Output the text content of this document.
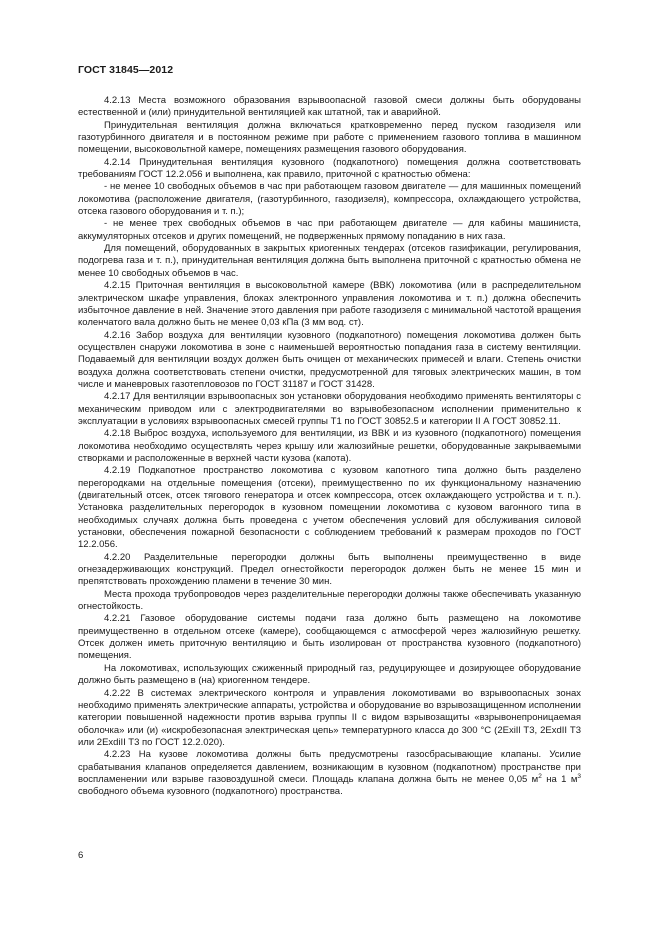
ГОСТ 31845—2012

4.2.13 Места возможного образования взрывоопасной газовой смеси должны быть оборудованы естественной и (или) принудительной вентиляцией как штатной, так и аварийной.

Принудительная вентиляция должна включаться кратковременно перед пуском газодизеля или газотурбинного двигателя и в постоянном режиме при работе с применением газового топлива в машинном помещении, высоковольтной камере, помещениях размещения газового оборудования.

4.2.14 Принудительная вентиляция кузовного (подкапотного) помещения должна соответствовать требованиям ГОСТ 12.2.056 и выполнена, как правило, приточной с кратностью обмена:

- не менее 10 свободных объемов в час при работающем газовом двигателе — для машинных помещений локомотива (расположение двигателя, (газотурбинного, газодизеля), компрессора, охлаждающего устройства, отсека газового оборудования и т. п.);

- не менее трех свободных объемов в час при работающем двигателе — для кабины машиниста, аккумуляторных отсеков и других помещений, не подверженных прямому попаданию в них газа.

Для помещений, оборудованных в закрытых криогенных тендерах (отсеков газификации, регулирования, подогрева газа и т. п.), принудительная вентиляция должна быть выполнена приточной с кратностью обмена не менее 10 свободных объемов в час.

4.2.15 Приточная вентиляция в высоковольтной камере (ВВК) локомотива (или в распределительном электрическом шкафе управления, блоках электронного управления локомотива и т. п.) должна обеспечить избыточное давление в ней. Значение этого давления при работе газодизеля с минимальной частотой вращения коленчатого вала должно быть не менее 0,03 кПа (3 мм вод. ст).

4.2.16 Забор воздуха для вентиляции кузовного (подкапотного) помещения локомотива должен быть осуществлен снаружи локомотива в зоне с наименьшей вероятностью попадания газа в систему вентиляции. Подаваемый для вентиляции воздух должен быть очищен от механических примесей и влаги. Степень очистки воздуха должна соответствовать степени очистки, предусмотренной для тяговых электрических машин, в том числе и маневровых газотепловозов по ГОСТ 31187 и ГОСТ 31428.

4.2.17 Для вентиляции взрывоопасных зон установки оборудования необходимо применять вентиляторы с механическим приводом или с электродвигателями во взрывобезопасном исполнении применительно к эксплуатации в условиях взрывоопасных смесей группы Т1 по ГОСТ 30852.5 и категории II А ГОСТ 30852.11.

4.2.18 Выброс воздуха, используемого для вентиляции, из ВВК и из кузовного (подкапотного) помещения локомотива необходимо осуществлять через крышу или жалюзийные решетки, оборудованные закрываемыми створками и расположенные в верхней части кузова (капота).

4.2.19 Подкапотное пространство локомотива с кузовом капотного типа должно быть разделено перегородками на отдельные помещения (отсеки), преимущественно по их функциональному назначению (двигательный отсек, отсек тягового генератора и отсек компрессора, отсек охлаждающего устройства и т. п.). Установка разделительных перегородок в кузовном помещении локомотива с кузовом вагонного типа в необходимых случаях должна быть проведена с учетом обеспечения условий для обслуживания силовой установки, обеспечения пожарной безопасности с соблюдением требований к размерам проходов по ГОСТ 12.2.056.

4.2.20 Разделительные перегородки должны быть выполнены преимущественно в виде огнезадерживающих конструкций. Предел огнестойкости перегородок должен быть не менее 15 мин и препятствовать прохождению пламени в течение 30 мин.

Места прохода трубопроводов через разделительные перегородки должны также обеспечивать указанную огнестойкость.

4.2.21 Газовое оборудование системы подачи газа должно быть размещено на локомотиве преимущественно в отдельном отсеке (камере), сообщающемся с атмосферой через жалюзийную решетку. Отсек должен иметь приточную вентиляцию и быть изолирован от пространства кузовного (подкапотного) помещения.

На локомотивах, использующих сжиженный природный газ, редуцирующее и дозирующее оборудование должно быть размещено в (на) криогенном тендере.

4.2.22 В системах электрического контроля и управления локомотивами во взрывоопасных зонах необходимо применять электрические аппараты, устройства и оборудование во взрывозащищенном исполнении категории повышенной надежности против взрыва группы II с видом взрывозащиты «взрывонепроницаемая оболочка» или (и) «искробезопасная электрическая цепь» температурного класса до 300 °С (2ExiIl T3, 2ExdII T3 или 2ExdiII T3 по ГОСТ 12.2.020).

4.2.23 На кузове локомотива должны быть предусмотрены газосбрасывающие клапаны. Усилие срабатывания клапанов определяется давлением, возникающим в кузовном (подкапотном) пространстве при воспламенении или взрыве газовоздушной смеси. Площадь клапана должна быть не менее 0,05 $м^2$ на 1 $м^3$ свободного объема кузовного (подкапотного) пространства.

6
